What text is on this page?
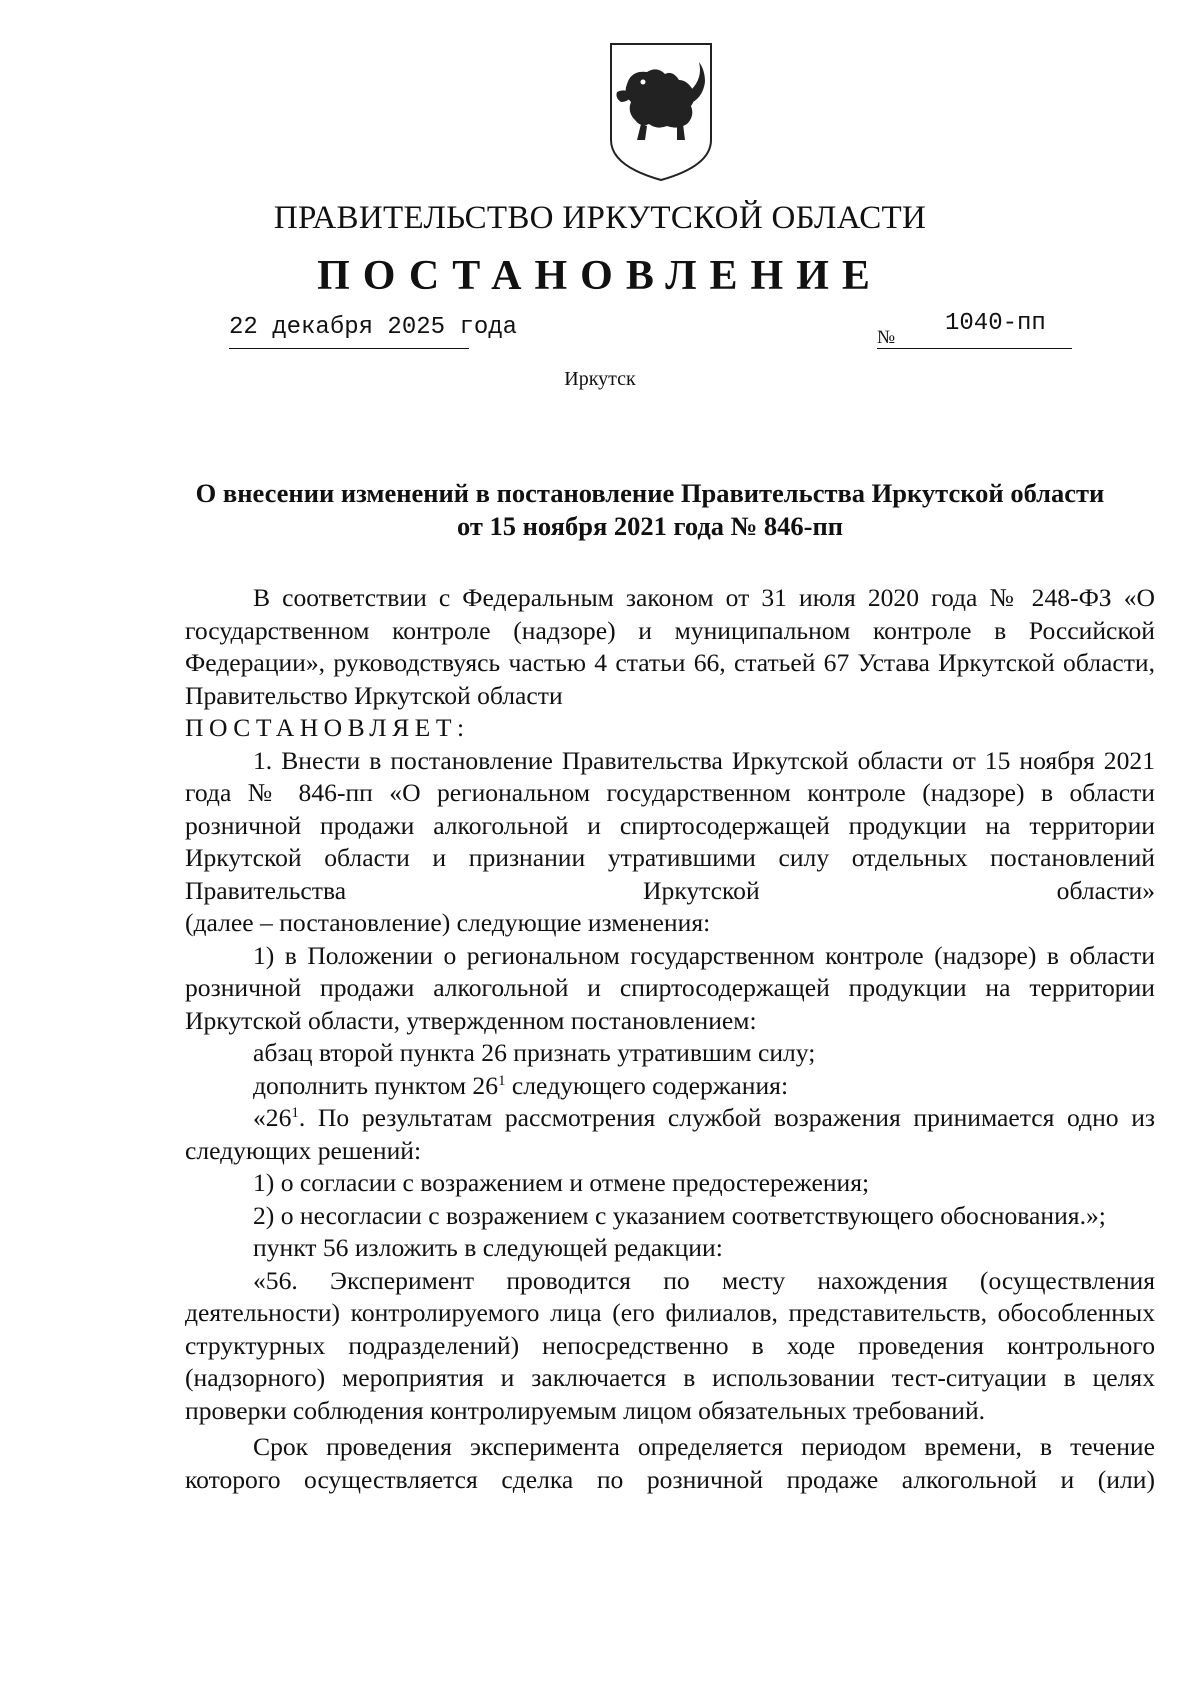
ПРАВИТЕЛЬСТВО ИРКУТСКОЙ ОБЛАСТИ
ПОСТАНОВЛЕНИЕ
22 декабря 2025 года	№
1040-пп
Иркутск
О внесении изменений в постановление Правительства Иркутской области
от 15 ноября 2021 года № 846-пп

В соответствии с Федеральным законом от 31 июля 2020 года № 248-ФЗ «О государственном контроле (надзоре) и муниципальном контроле в Российской Федерации», руководствуясь частью 4 статьи 66, статьей 67 Устава Иркутской области, Правительство Иркутской области

ПОСТАНОВЛЯЕТ:

1. Внести в постановление Правительства Иркутской области от 15 ноября 2021 года № 846-пп «О региональном государственном контроле (надзоре) в области розничной продажи алкогольной и спиртосодержащей продукции на территории Иркутской области и признании утратившими силу отдельных постановлений Правительства Иркутской области»

(далее – постановление) следующие изменения:

1) в Положении о региональном государственном контроле (надзоре) в области розничной продажи алкогольной и спиртосодержащей продукции на территории Иркутской области, утвержденном постановлением:

абзац второй пункта 26 признать утратившим силу;

дополнить пунктом $26^1$ следующего содержания:

«$26^1$. По результатам рассмотрения службой возражения принимается одно из следующих решений:

1) о согласии с возражением и отмене предостережения;

2) о несогласии с возражением с указанием соответствующего обоснования.»;

пункт 56 изложить в следующей редакции:

«56. Эксперимент проводится по месту нахождения (осуществления деятельности) контролируемого лица (его филиалов, представительств, обособленных структурных подразделений) непосредственно в ходе проведения контрольного (надзорного) мероприятия и заключается в использовании тест-ситуации в целях проверки соблюдения контролируемым лицом обязательных требований.

Срок проведения эксперимента определяется периодом времени, в течение которого осуществляется сделка по розничной продаже алкогольной и (или)
